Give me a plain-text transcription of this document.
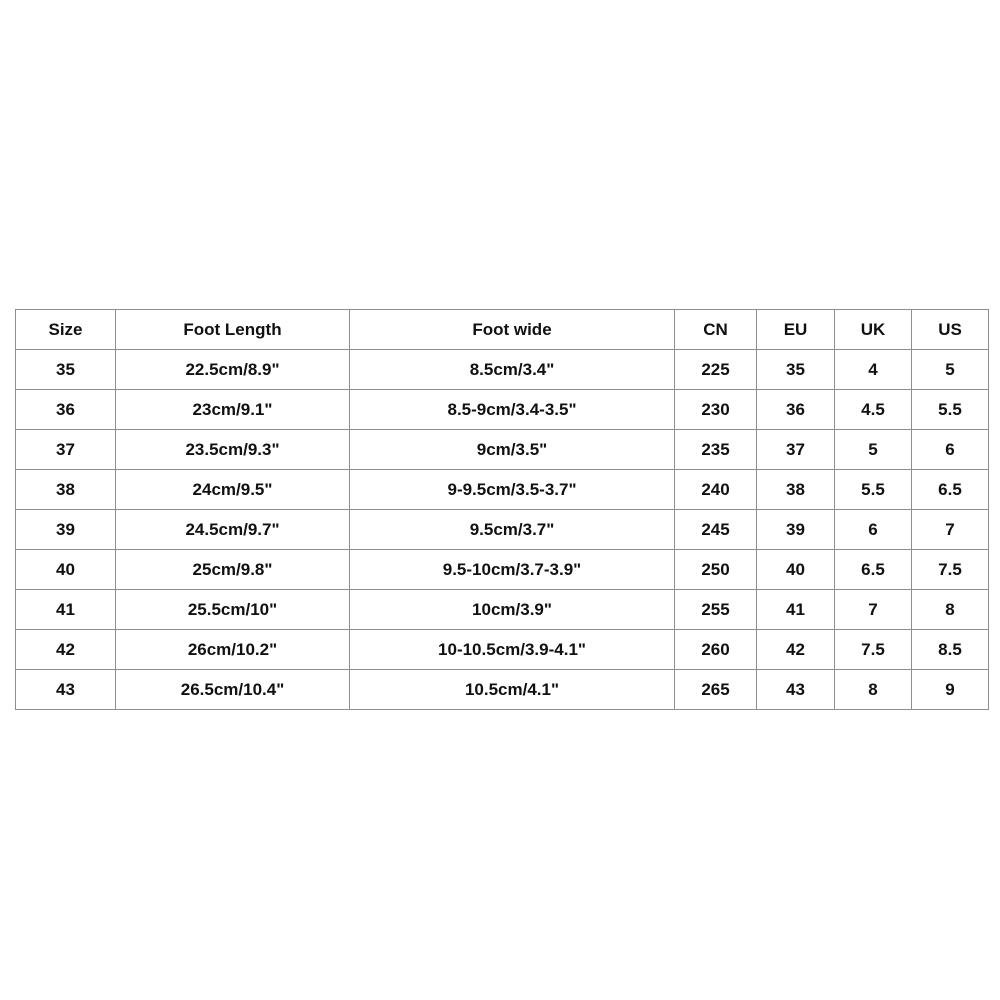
Size	Foot Length	Foot wide	CN	EU	UK	US
35	22.5cm/8.9"	8.5cm/3.4"	225	35	4	5
36	23cm/9.1"	8.5-9cm/3.4-3.5"	230	36	4.5	5.5
37	23.5cm/9.3"	9cm/3.5"	235	37	5	6
38	24cm/9.5"	9-9.5cm/3.5-3.7"	240	38	5.5	6.5
39	24.5cm/9.7"	9.5cm/3.7"	245	39	6	7
40	25cm/9.8"	9.5-10cm/3.7-3.9"	250	40	6.5	7.5
41	25.5cm/10"	10cm/3.9"	255	41	7	8
42	26cm/10.2"	10-10.5cm/3.9-4.1"	260	42	7.5	8.5
43	26.5cm/10.4"	10.5cm/4.1"	265	43	8	9
